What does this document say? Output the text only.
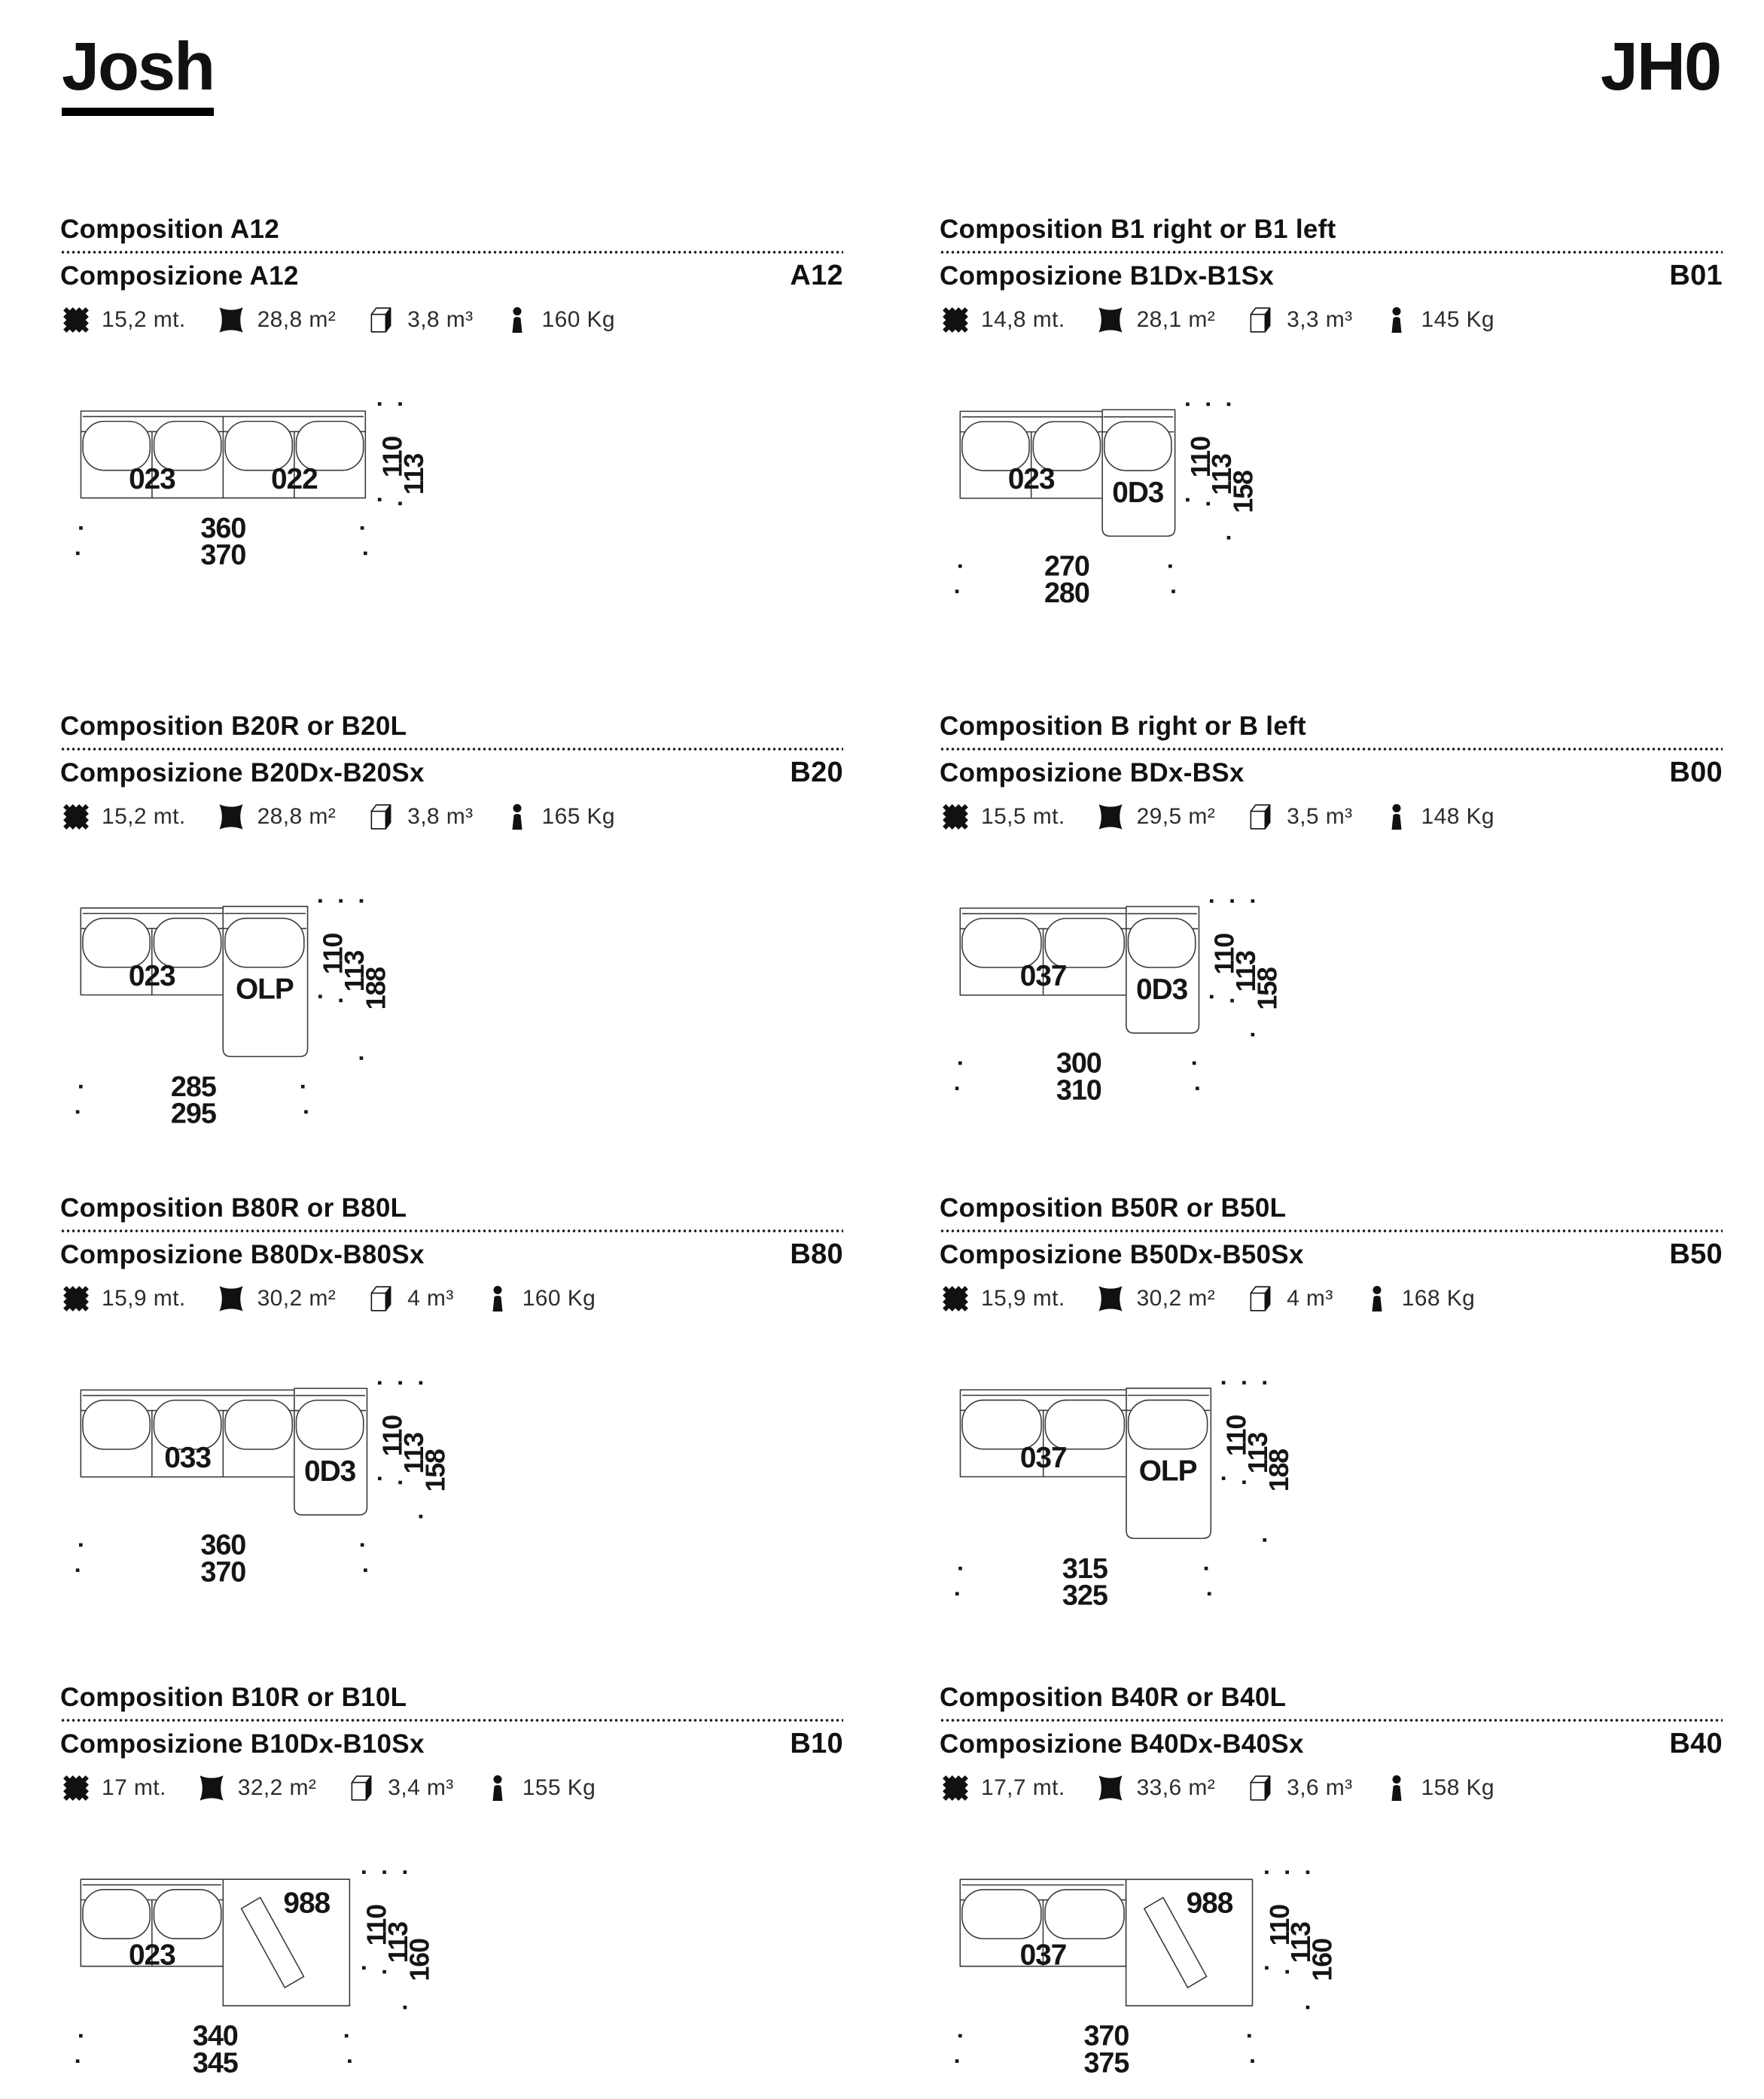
Josh	JH0
Composition A12
Composizione A12	A12
15,2 mt.	28,8 m²	3,8 m³	160 Kg
023	022
110
113
360
370
Composition B1 right or B1 left
Composizione B1Dx-B1Sx	B01
14,8 mt.	28,1 m²	3,3 m³	145 Kg
023 0D3
110
113
158
270
280
Composition B20R or B20L
Composizione B20Dx-B20Sx	B20
15,2 mt.	28,8 m²	3,8 m³	165 Kg
023 OLP
110
113
188
285
295
Composition B right or B left
Composizione BDx-BSx	B00
15,5 mt.	29,5 m²	3,5 m³	148 Kg
037	0D3
110
113
158
300
310
Composition B80R or B80L
Composizione B80Dx-B80Sx	B80
15,9 mt.	30,2 m²	4 m³	160 Kg
033	0D3
110
113
158
360
370
Composition B50R or B50L
Composizione B50Dx-B50Sx	B50
15,9 mt.	30,2 m²	4 m³	168 Kg
037	OLP
110
113
188
315
325
Composition B10R or B10L
Composizione B10Dx-B10Sx	B10
17 mt.	32,2 m²	3,4 m³	155 Kg
023
988
110
113
160
340
345
Composition B40R or B40L
Composizione B40Dx-B40Sx	B40
17,7 mt.	33,6 m²	3,6 m³	158 Kg
037
988
110
113
160
370
375
